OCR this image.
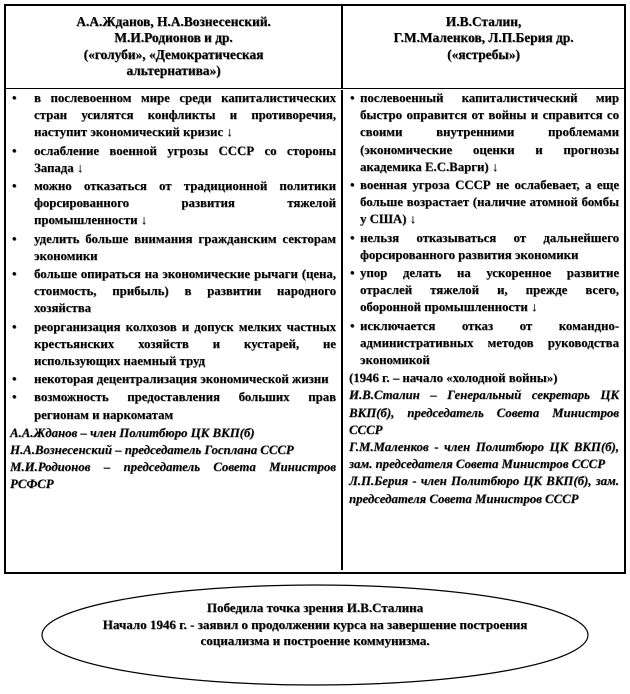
А.А.Жданов, Н.А.Вознесенский.
М.И.Родионов и др.
(«голуби», «Демократическая альтернатива»)
И.В.Сталин,
Г.М.Маленков, Л.П.Берия др.
(«ястребы»)
• в послевоенном мире среди капиталистических стран усилятся конфликты и противоречия, наступит экономический кризис ↓
• ослабление военной угрозы СССР со стороны Запада ↓
• можно отказаться от традиционной политики форсированного развития тяжелой промышленности ↓
• уделить больше внимания гражданским секторам экономики
• больше опираться на экономические рычаги (цена, стоимость, прибыль) в развитии народного хозяйства
• реорганизация колхозов и допуск мелких частных крестьянских хозяйств и кустарей, не использующих наемный труд
• некоторая децентрализация экономической жизни
• возможность предоставления больших прав регионам и наркоматам

А.А.Жданов – член Политбюро ЦК ВКП(б)

Н.А.Вознесенский – председатель Госплана СССР

М.И.Родионов – председатель Совета Министров РСФСР

• послевоенный капиталистический мир быстро оправится от войны и справится со своими внутренними проблемами (экономические оценки и прогнозы академика Е.С.Варги) ↓
• военная угроза СССР не ослабевает, а еще больше возрастает (наличие атомной бомбы у США) ↓
• нельзя отказываться от дальнейшего форсированного развития экономики
• упор делать на ускоренное развитие отраслей тяжелой и, прежде всего, оборонной промышленности ↓
• исключается отказ от командно-административных методов руководства экономикой
(1946 г. – начало «холодной войны»)

И.В.Сталин – Генеральный секретарь ЦК ВКП(б), председатель Совета Министров СССР

Г.М.Маленков - член Политбюро ЦК ВКП(б), зам. председателя Совета Министров СССР

Л.П.Берия - член Политбюро ЦК ВКП(б), зам. председателя Совета Министров СССР

Победила точка зрения И.В.Сталина
Начало 1946 г. - заявил о продолжении курса на завершение построения социализма и построение коммунизма.
